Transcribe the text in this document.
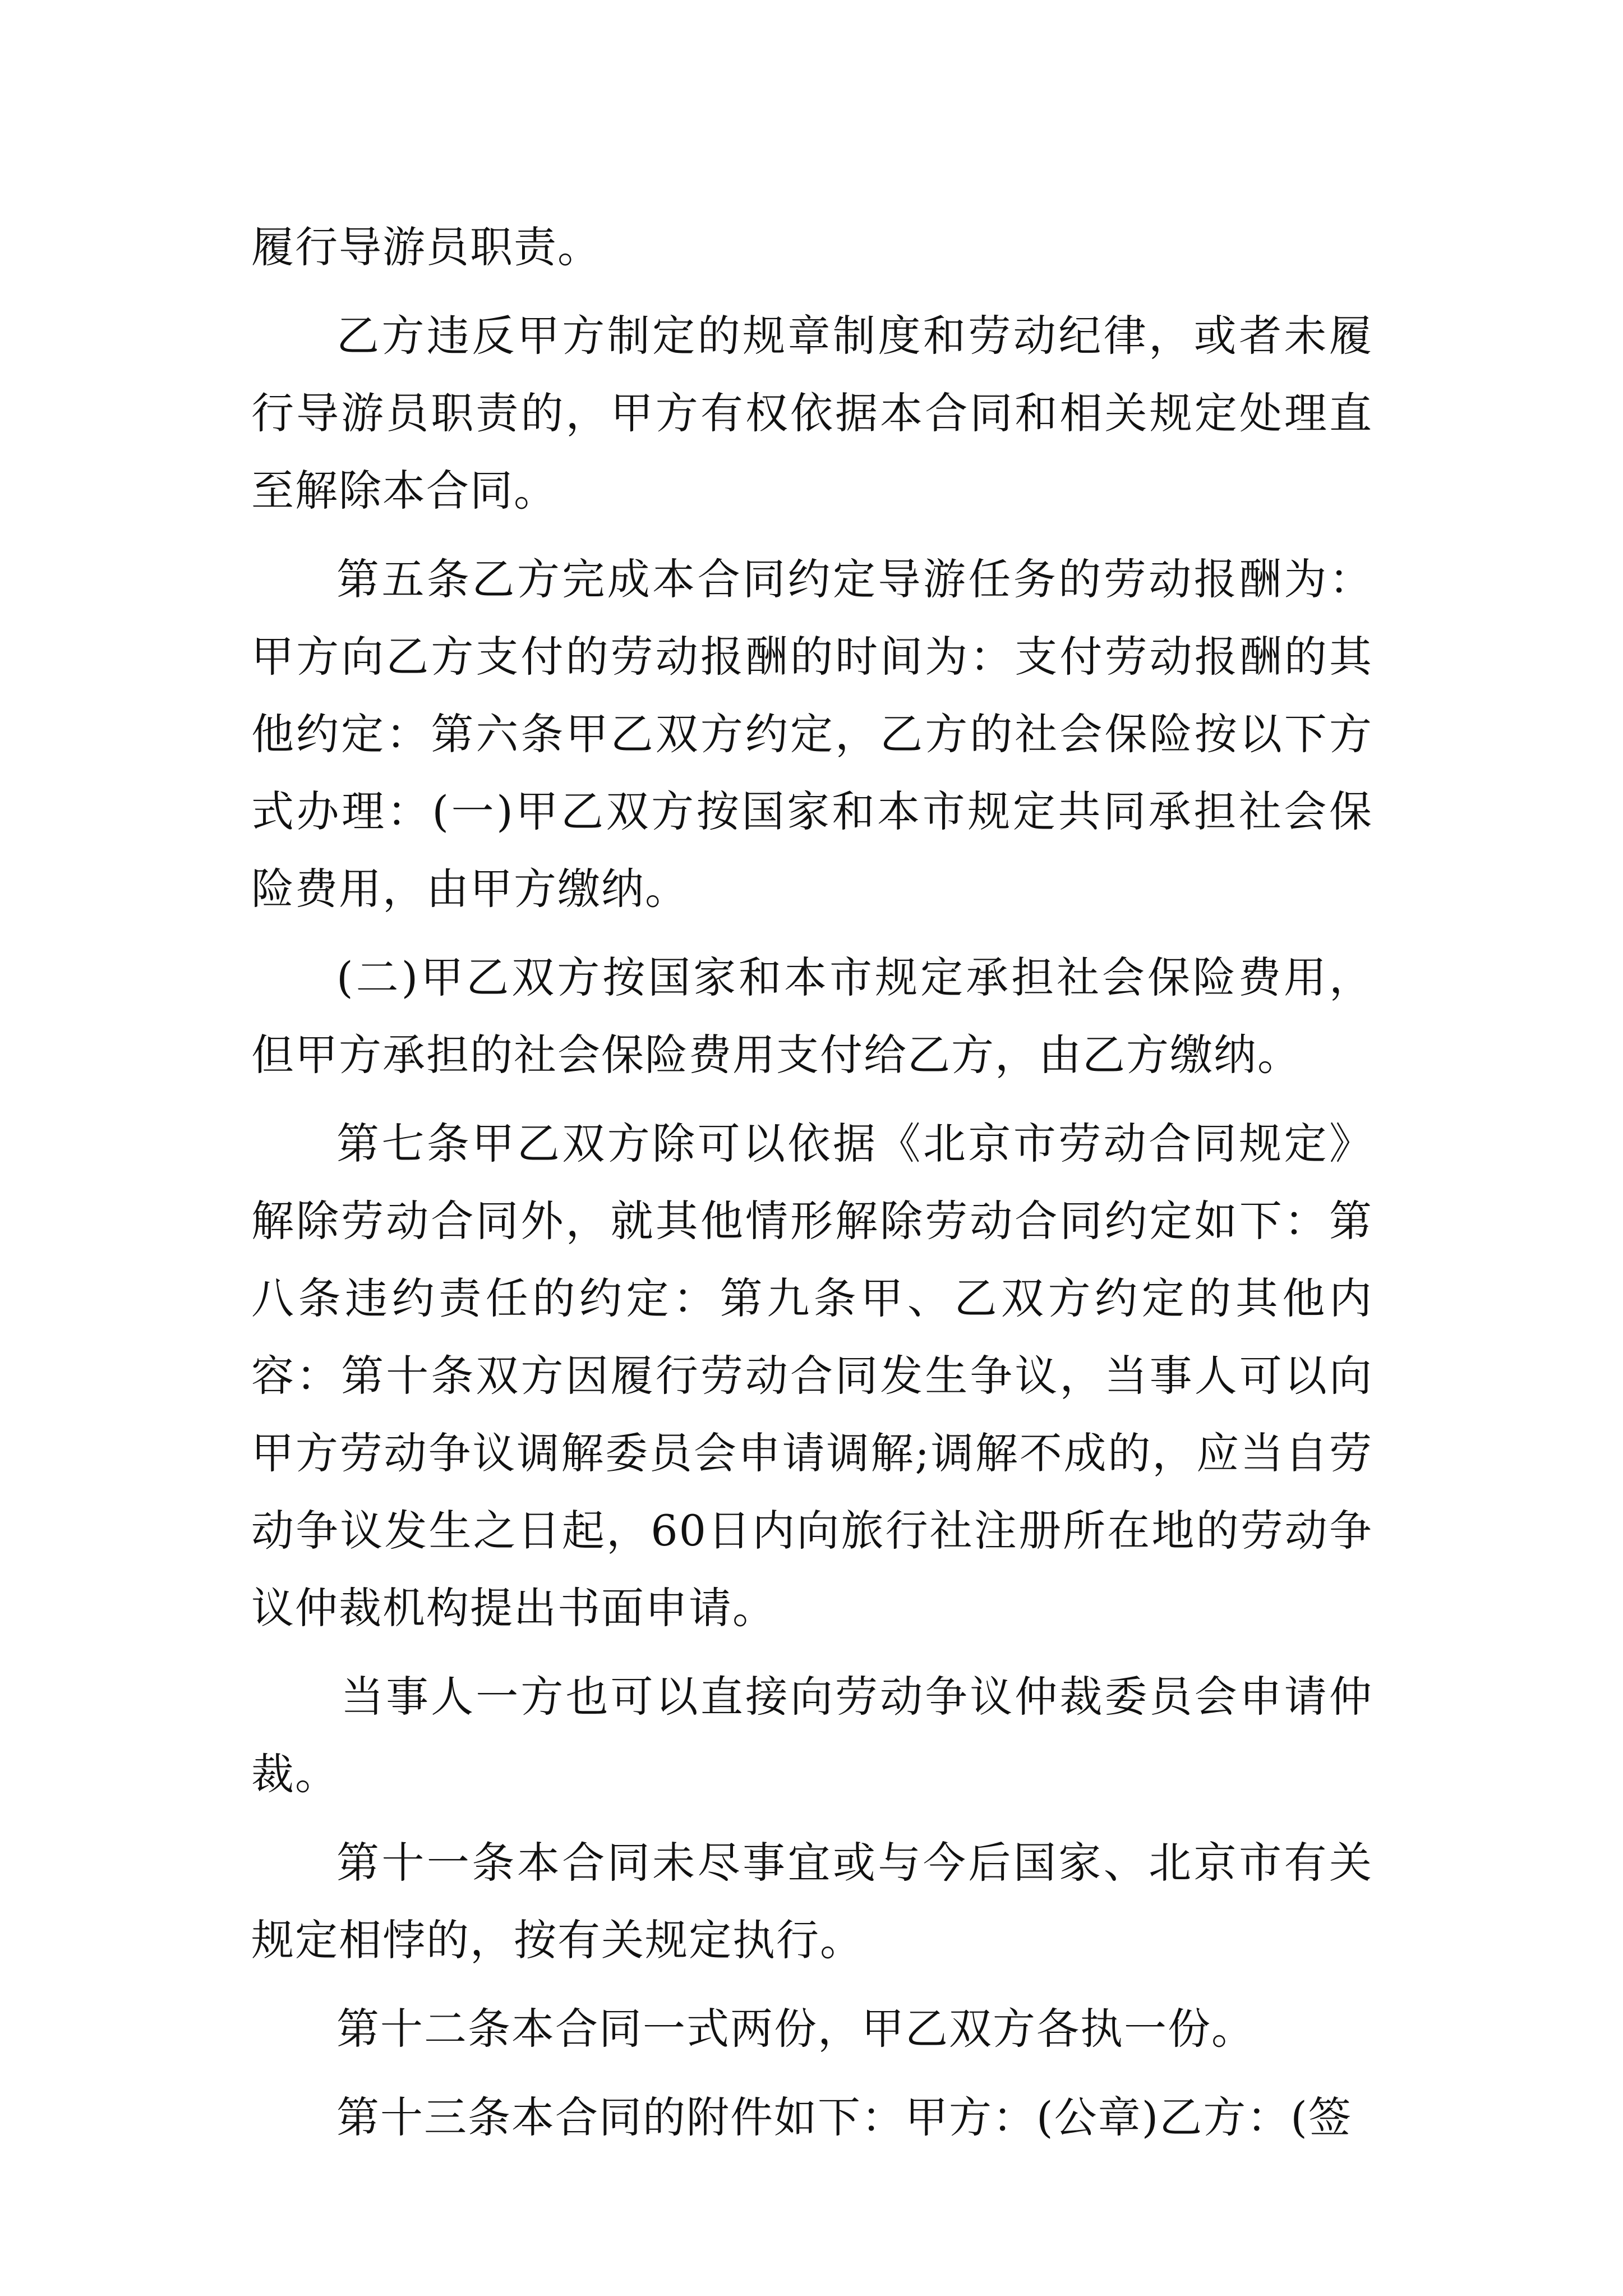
履行导游员职责。

乙方违反甲方制定的规章制度和劳动纪律，或者未履行导游员职责的，甲方有权依据本合同和相关规定处理直至解除本合同。

第五条乙方完成本合同约定导游任务的劳动报酬为：甲方向乙方支付的劳动报酬的时间为：支付劳动报酬的其他约定：第六条甲乙双方约定，乙方的社会保险按以下方式办理：(一)甲乙双方按国家和本市规定共同承担社会保险费用，由甲方缴纳。

(二)甲乙双方按国家和本市规定承担社会保险费用，但甲方承担的社会保险费用支付给乙方，由乙方缴纳。

第七条甲乙双方除可以依据《北京市劳动合同规定》解除劳动合同外，就其他情形解除劳动合同约定如下：第八条违约责任的约定：第九条甲、乙双方约定的其他内容：第十条双方因履行劳动合同发生争议，当事人可以向甲方劳动争议调解委员会申请调解;调解不成的，应当自劳动争议发生之日起，60日内向旅行社注册所在地的劳动争议仲裁机构提出书面申请。

当事人一方也可以直接向劳动争议仲裁委员会申请仲裁。

第十一条本合同未尽事宜或与今后国家、北京市有关规定相悖的，按有关规定执行。

第十二条本合同一式两份，甲乙双方各执一份。

第十三条本合同的附件如下：甲方：(公章)乙方：(签
